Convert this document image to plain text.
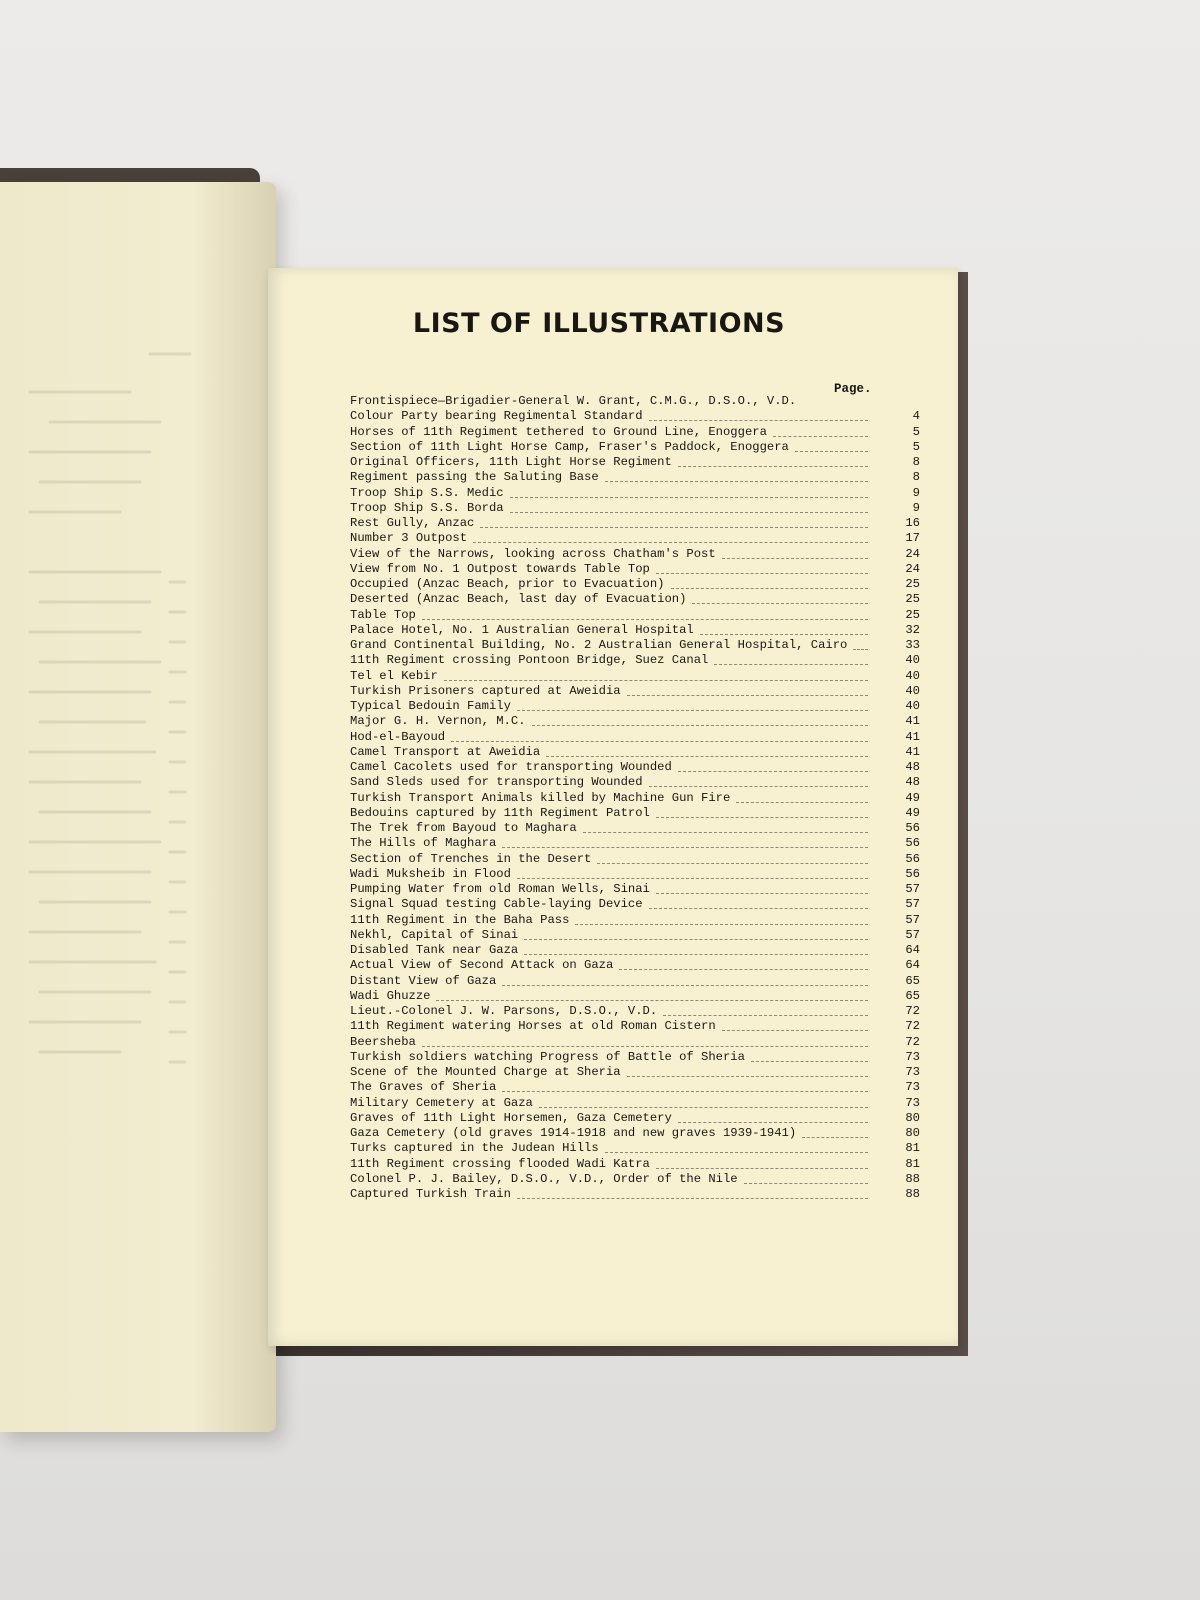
LIST OF ILLUSTRATIONS
Page.
Frontispiece—Brigadier-General W. Grant, C.M.G., D.S.O., V.D.
Colour Party bearing Regimental Standard	4
Horses of 11th Regiment tethered to Ground Line, Enoggera	5
Section of 11th Light Horse Camp, Fraser's Paddock, Enoggera	5
Original Officers, 11th Light Horse Regiment	8
Regiment passing the Saluting Base	8
Troop Ship S.S. Medic	9
Troop Ship S.S. Borda	9
Rest Gully, Anzac	16
Number 3 Outpost	17
View of the Narrows, looking across Chatham's Post	24
View from No. 1 Outpost towards Table Top	24
Occupied (Anzac Beach, prior to Evacuation)	25
Deserted (Anzac Beach, last day of Evacuation)	25
Table Top	25
Palace Hotel, No. 1 Australian General Hospital	32
Grand Continental Building, No. 2 Australian General Hospital, Cairo	33
11th Regiment crossing Pontoon Bridge, Suez Canal	40
Tel el Kebir	40
Turkish Prisoners captured at Aweidia	40
Typical Bedouin Family	40
Major G. H. Vernon, M.C.	41
Hod-el-Bayoud	41
Camel Transport at Aweidia	41
Camel Cacolets used for transporting Wounded	48
Sand Sleds used for transporting Wounded	48
Turkish Transport Animals killed by Machine Gun Fire	49
Bedouins captured by 11th Regiment Patrol	49
The Trek from Bayoud to Maghara	56
The Hills of Maghara	56
Section of Trenches in the Desert	56
Wadi Muksheib in Flood	56
Pumping Water from old Roman Wells, Sinai	57
Signal Squad testing Cable-laying Device	57
11th Regiment in the Baha Pass	57
Nekhl, Capital of Sinai	57
Disabled Tank near Gaza	64
Actual View of Second Attack on Gaza	64
Distant View of Gaza	65
Wadi Ghuzze	65
Lieut.-Colonel J. W. Parsons, D.S.O., V.D.	72
11th Regiment watering Horses at old Roman Cistern	72
Beersheba	72
Turkish soldiers watching Progress of Battle of Sheria	73
Scene of the Mounted Charge at Sheria	73
The Graves of Sheria	73
Military Cemetery at Gaza	73
Graves of 11th Light Horsemen, Gaza Cemetery	80
Gaza Cemetery (old graves 1914-1918 and new graves 1939-1941)	80
Turks captured in the Judean Hills	81
11th Regiment crossing flooded Wadi Katra	81
Colonel P. J. Bailey, D.S.O., V.D., Order of the Nile	88
Captured Turkish Train	88
